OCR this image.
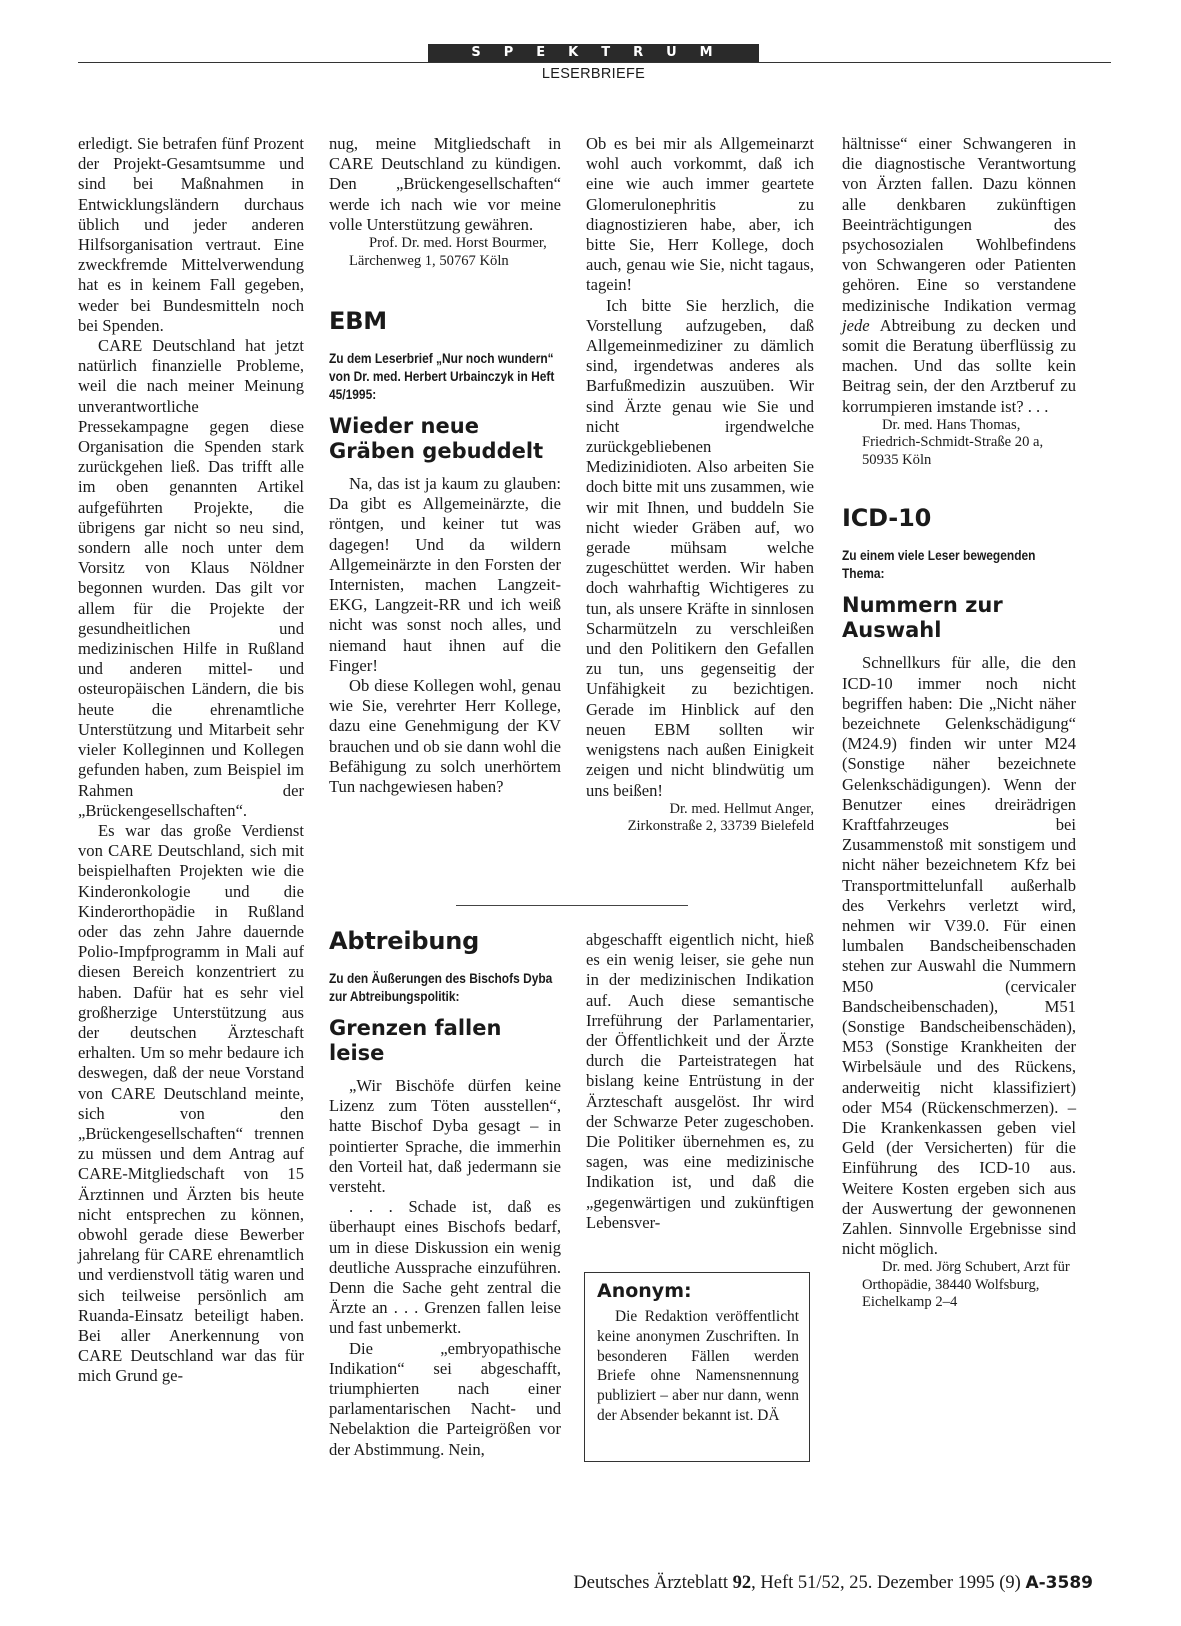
SPEKTRUM
LESERBRIEFE

erledigt. Sie betrafen fünf Prozent der Projekt-Gesamtsumme und sind bei Maßnahmen in Entwicklungsländern durchaus üblich und jeder anderen Hilfsorganisation vertraut. Eine zweckfremde Mittelverwendung hat es in keinem Fall gegeben, weder bei Bundesmitteln noch bei Spenden.

CARE Deutschland hat jetzt natürlich finanzielle Probleme, weil die nach meiner Meinung unverantwortliche Pressekampagne gegen diese Organisation die Spenden stark zurückgehen ließ. Das trifft alle im oben genannten Artikel aufgeführten Projekte, die übrigens gar nicht so neu sind, sondern alle noch unter dem Vorsitz von Klaus Nöldner begonnen wurden. Das gilt vor allem für die Projekte der gesundheitlichen und medizinischen Hilfe in Rußland und anderen mittel- und osteuropäischen Ländern, die bis heute die ehrenamtliche Unterstützung und Mitarbeit sehr vieler Kolleginnen und Kollegen gefunden haben, zum Beispiel im Rahmen der „Brückengesellschaften“.

Es war das große Verdienst von CARE Deutschland, sich mit beispielhaften Projekten wie die Kinderonkologie und die Kinderorthopädie in Rußland oder das zehn Jahre dauernde Polio-Impfprogramm in Mali auf diesen Bereich konzentriert zu haben. Dafür hat es sehr viel großherzige Unterstützung aus der deutschen Ärzteschaft erhalten. Um so mehr bedaure ich deswegen, daß der neue Vorstand von CARE Deutschland meinte, sich von den „Brückengesellschaften“ trennen zu müssen und dem Antrag auf CARE-Mitgliedschaft von 15 Ärztinnen und Ärzten bis heute nicht entsprechen zu können, obwohl gerade diese Bewerber jahrelang für CARE ehrenamtlich und verdienstvoll tätig waren und sich teilweise persönlich am Ruanda-Einsatz beteiligt haben. Bei aller Anerkennung von CARE Deutschland war das für mich Grund ge-

nug, meine Mitgliedschaft in CARE Deutschland zu kündigen. Den „Brückengesellschaften“ werde ich nach wie vor meine volle Unterstützung gewähren.

Prof. Dr. med. Horst Bourmer, Lärchenweg 1, 50767 Köln

EBM
Zu dem Leserbrief „Nur noch wundern“ von Dr. med. Herbert Urbainczyk in Heft 45/1995:
Wieder neue Gräben gebuddelt

Na, das ist ja kaum zu glauben: Da gibt es Allgemeinärzte, die röntgen, und keiner tut was dagegen! Und da wildern Allgemeinärzte in den Forsten der Internisten, machen Langzeit-EKG, Langzeit-RR und ich weiß nicht was sonst noch alles, und niemand haut ihnen auf die Finger!

Ob diese Kollegen wohl, genau wie Sie, verehrter Herr Kollege, dazu eine Genehmigung der KV brauchen und ob sie dann wohl die Befähigung zu solch unerhörtem Tun nachgewiesen haben?

Ob es bei mir als Allgemeinarzt wohl auch vorkommt, daß ich eine wie auch immer geartete Glomerulonephritis zu diagnostizieren habe, aber, ich bitte Sie, Herr Kollege, doch auch, genau wie Sie, nicht tagaus, tagein!

Ich bitte Sie herzlich, die Vorstellung aufzugeben, daß Allgemeinmediziner zu dämlich sind, irgendetwas anderes als Barfußmedizin auszuüben. Wir sind Ärzte genau wie Sie und nicht irgendwelche zurückgebliebenen Medizinidioten. Also arbeiten Sie doch bitte mit uns zusammen, wie wir mit Ihnen, und buddeln Sie nicht wieder Gräben auf, wo gerade mühsam welche zugeschüttet werden. Wir haben doch wahrhaftig Wichtigeres zu tun, als unsere Kräfte in sinnlosen Scharmützeln zu verschleißen und den Politikern den Gefallen zu tun, uns gegenseitig der Unfähigkeit zu bezichtigen. Gerade im Hinblick auf den neuen EBM sollten wir wenigstens nach außen Einigkeit zeigen und nicht blindwütig um uns beißen!

Dr. med. Hellmut Anger, Zirkonstraße 2, 33739 Bielefeld

Abtreibung
Zu den Äußerungen des Bischofs Dyba zur Abtreibungspolitik:
Grenzen fallen leise

„Wir Bischöfe dürfen keine Lizenz zum Töten ausstellen“, hatte Bischof Dyba gesagt – in pointierter Sprache, die immerhin den Vorteil hat, daß jedermann sie versteht.

. . . Schade ist, daß es überhaupt eines Bischofs bedarf, um in diese Diskussion ein wenig deutliche Aussprache einzuführen. Denn die Sache geht zentral die Ärzte an . . . Grenzen fallen leise und fast unbemerkt.

Die „embryopathische Indikation“ sei abgeschafft, triumphierten nach einer parlamentarischen Nacht- und Nebelaktion die Parteigrößen vor der Abstimmung. Nein,

abgeschafft eigentlich nicht, hieß es ein wenig leiser, sie gehe nun in der medizinischen Indikation auf. Auch diese semantische Irreführung der Parlamentarier, der Öffentlichkeit und der Ärzte durch die Parteistrategen hat bislang keine Entrüstung in der Ärzteschaft ausgelöst. Ihr wird der Schwarze Peter zugeschoben. Die Politiker übernehmen es, zu sagen, was eine medizinische Indikation ist, und daß die „gegenwärtigen und zukünftigen Lebensver-

Anonym:

Die Redaktion veröffentlicht keine anonymen Zuschriften. In besonderen Fällen werden Briefe ohne Namensnennung publiziert – aber nur dann, wenn der Absender bekannt ist. DÄ

hältnisse“ einer Schwangeren in die diagnostische Verantwortung von Ärzten fallen. Dazu können alle denkbaren zukünftigen Beeinträchtigungen des psychosozialen Wohlbefindens von Schwangeren oder Patienten gehören. Eine so verstandene medizinische Indikation vermag jede Abtreibung zu decken und somit die Beratung überflüssig zu machen. Und das sollte kein Beitrag sein, der den Arztberuf zu korrumpieren imstande ist? . . .

Dr. med. Hans Thomas, Friedrich-Schmidt-Straße 20 a, 50935 Köln

ICD-10
Zu einem viele Leser bewegenden Thema:
Nummern zur Auswahl

Schnellkurs für alle, die den ICD-10 immer noch nicht begriffen haben: Die „Nicht näher bezeichnete Gelenkschädigung“ (M24.9) finden wir unter M24 (Sonstige näher bezeichnete Gelenkschädigungen). Wenn der Benutzer eines dreirädrigen Kraftfahrzeuges bei Zusammenstoß mit sonstigem und nicht näher bezeichnetem Kfz bei Transportmittelunfall außerhalb des Verkehrs verletzt wird, nehmen wir V39.0. Für einen lumbalen Bandscheibenschaden stehen zur Auswahl die Nummern M50 (cervicaler Bandscheibenschaden), M51 (Sonstige Bandscheibenschäden), M53 (Sonstige Krankheiten der Wirbelsäule und des Rückens, anderweitig nicht klassifiziert) oder M54 (Rückenschmerzen). – Die Krankenkassen geben viel Geld (der Versicherten) für die Einführung des ICD-10 aus. Weitere Kosten ergeben sich aus der Auswertung der gewonnenen Zahlen. Sinnvolle Ergebnisse sind nicht möglich.

Dr. med. Jörg Schubert, Arzt für Orthopädie, 38440 Wolfsburg, Eichelkamp 2–4

Deutsches Ärzteblatt 92, Heft 51/52, 25. Dezember 1995 (9) A-3589
